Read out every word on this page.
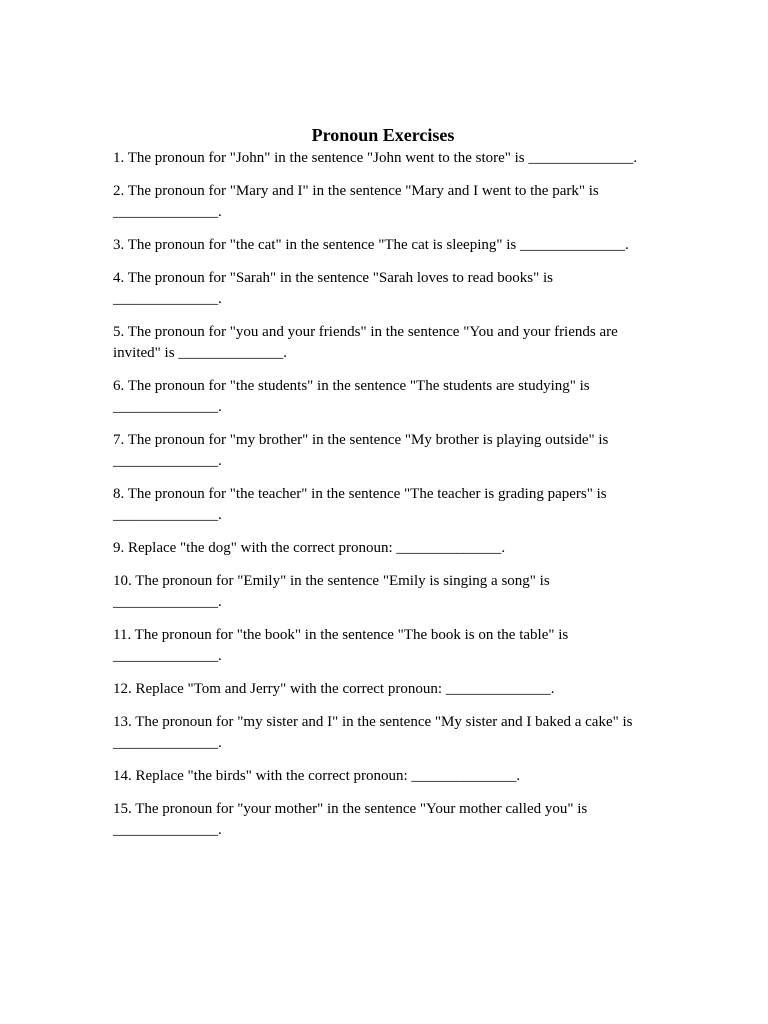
Pronoun Exercises
1. The pronoun for "John" in the sentence "John went to the store" is ______________.
2. The pronoun for "Mary and I" in the sentence "Mary and I went to the park" is ______________.
3. The pronoun for "the cat" in the sentence "The cat is sleeping" is ______________.
4. The pronoun for "Sarah" in the sentence "Sarah loves to read books" is ______________.
5. The pronoun for "you and your friends" in the sentence "You and your friends are invited" is ______________.
6. The pronoun for "the students" in the sentence "The students are studying" is ______________.
7. The pronoun for "my brother" in the sentence "My brother is playing outside" is ______________.
8. The pronoun for "the teacher" in the sentence "The teacher is grading papers" is ______________.
9. Replace "the dog" with the correct pronoun: ______________.
10. The pronoun for "Emily" in the sentence "Emily is singing a song" is ______________.
11. The pronoun for "the book" in the sentence "The book is on the table" is ______________.
12. Replace "Tom and Jerry" with the correct pronoun: ______________.
13. The pronoun for "my sister and I" in the sentence "My sister and I baked a cake" is ______________.
14. Replace "the birds" with the correct pronoun: ______________.
15. The pronoun for "your mother" in the sentence "Your mother called you" is ______________.
